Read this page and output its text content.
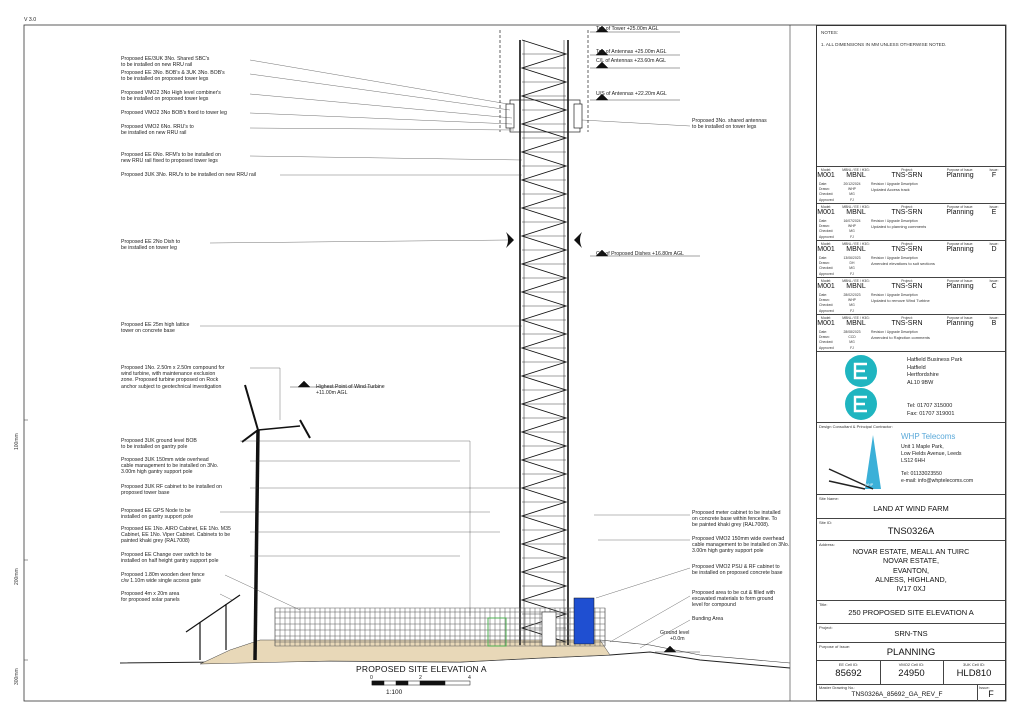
V 3.0
100mm
200mm
300mm
Top of Tower +25.00m AGL
Top of Antennas +25.00m AGL
C/L of Antennas +23.60m AGL
U/S of Antennas +22.20m AGL
C/L of Proposed Dishes +16.80m AGL
Highest Point of Wind Turbine
+11.00m AGL
Ground level
+0.0m
Proposed EE/3UK 3No. Shared SBC's
to be installed on new RRU rail
Proposed EE 3No. BOB's & 3UK 3No. BOB's
to be installed on proposed tower legs
Proposed VMO2 3No High level combiner's
to be installed on proposed tower legs
Proposed VMO2 3No BOB's fixed to tower leg
Proposed VMO2 6No. RRU's to
be installed on new RRU rail
Proposed EE 6No. RFM's to be installed on
new RRU rail fixed to proposed tower legs
Proposed 3UK 3No. RRU's to be installed on new RRU rail
Proposed EE 2No Dish to
be installed on tower leg
Proposed EE 25m high lattice
tower on concrete base
Proposed 1No. 2.50m x 2.50m compound for
wind turbine, with maintenance exclusion
zone. Proposed turbine proposed on Rock
anchor subject to geotechnical investigation
Proposed 3UK ground level BOB
to be installed on gantry pole
Proposed 3UK 150mm wide overhead
cable management to be installed on 3No.
3.00m high gantry support pole
Proposed 3UK RF cabinet to be installed on
proposed tower base
Proposed EE GPS Node to be
installed on gantry support pole
Proposed EE 1No. AIRO Cabinet, EE 1No. M35
Cabinet, EE 1No. Viper Cabinet. Cabinets to be
painted khaki grey (RAL7008)
Proposed EE Change over switch to be
installed on half height gantry support pole
Proposed 1.80m wooden deer fence
c/w 1.10m wide single access gate
Proposed 4m x 20m area
for proposed solar panels
Proposed 3No. shared antennas
to be installed on tower legs
Proposed meter cabinet to be installed
on concrete base within fenceline. To
be painted khaki grey (RAL7008).
Proposed VMO2 150mm wide overhead
cable management to be installed on 3No.
3.00m high gantry support pole
Proposed VMO2 PSU & RF cabinet to
be installed on proposed concrete base
Proposed area to be cut & filled with
excavated materials to form ground
level for compound
Bunding Area
PROPOSED SITE ELEVATION A
0	2	4
1:100
NOTES:
1. ALL DIMENSIONS IN MM UNLESS OTHERWISE NOTED.
Model:
M001
MBNL / EE / H3G:
MBNL
Project:
TNS-SRN
Purpose of Issue:
Planning
Issue:
F
Date:	20/12/2024
Drawn:	WHP
Checked:	MG
Approved:	FJ
Revision / Upgrade Description
Updated Access track
Model:
M001
MBNL / EE / H3G:
MBNL
Project:
TNS-SRN
Purpose of Issue:
Planning
Issue:
E
Date:	16/07/2024
Drawn:	WHP
Checked:	MG
Approved:	FJ
Revision / Upgrade Description
Updated to planning comments
Model:
M001
MBNL / EE / H3G:
MBNL
Project:
TNS-SRN
Purpose of Issue:
Planning
Issue:
D
Date:	13/06/2023
Drawn:	DH
Checked:	MG
Approved:	FJ
Revision / Upgrade Description
Amended elevations to suit sections
Model:
M001
MBNL / EE / H3G:
MBNL
Project:
TNS-SRN
Purpose of Issue:
Planning
Issue:
C
Date:	28/02/2023
Drawn:	WHP
Checked:	MG
Approved:	FJ
Revision / Upgrade Description
Updated to remove Wind Turbine
Model:
M001
MBNL / EE / H3G:
MBNL
Project:
TNS-SRN
Purpose of Issue:
Planning
Issue:
B
Date:	28/08/2023
Drawn:	CCD
Checked:	MG
Approved:	FJ
Revision / Upgrade Description
Amended to Rajection comments
Hatfield Business Park
Hatfield
Hertfordshire
AL10 9BW
Tel: 01707 315000
Fax: 01707 319001
Design Consultant & Principal Contractor:
WHP
WHP Telecoms
Unit 1 Maple Park,
Low Fields Avenue, Leeds
LS12 6HH
Tel: 01133023550
e-mail: info@whptelecoms.com
Site Name:
LAND AT WIND FARM
Site ID:
TNS0326A
Address:
NOVAR ESTATE, MEALL AN TUIRC
NOVAR ESTATE,
EVANTON,
ALNESS, HIGHLAND,
IV17 0XJ
Title:
250 PROPOSED SITE ELEVATION A
Project:
SRN-TNS
Purpose of Issue:
PLANNING
EE Cell ID:
85692
VMO2 Cell ID:
24950
3UK Cell ID:
HLD810
Master Drawing No.:
TNS0326A_85692_GA_REV_F
Issue:
F
